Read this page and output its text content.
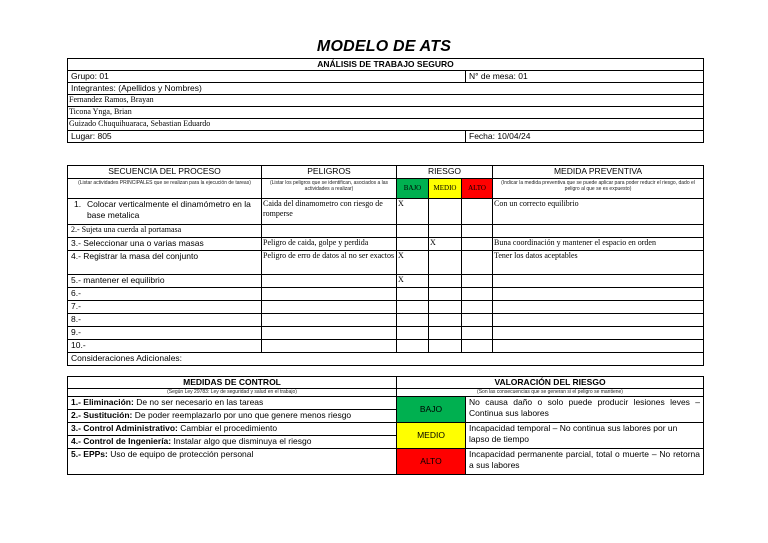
MODELO DE ATS
ANÁLISIS DE TRABAJO SEGURO	
Grupo: 01	N° de mesa: 01
Integrantes: (Apellidos y Nombres)	
Fernandez Ramos, Brayan	
Ticona Ynga, Brian	
Guizado Chuquihuaraca, Sebastian Eduardo	
Lugar: 805	Fecha: 10/04/24
SECUENCIA DEL PROCESO	PELIGROS	RIESGO			MEDIDA PREVENTIVA
(Listar actividades PRINCIPALES que se realizan para la ejecución de tareas)	(Listar los peligros que se identifican, asociados a las actividades a realizar)	BAJO	MEDIO	ALTO	(Indicar la medida preventiva que se puede aplicar para poder reducir el riesgo, dado el peligro al que se es expuesto)

1. Colocar verticalmente el dinamómetro en la base metalica	Caida del dinamometro con riesgo de romperse	X			Con un correcto equilibrio
2.- Sujeta una cuerda al portamasa					
3.- Seleccionar una o varias masas	Peligro de caida, golpe y perdida		X		Buna coordinación y mantener el espacio en orden
4.- Registrar la masa del conjunto	Peligro de erro de datos al no ser exactos	X			Tener los datos aceptables
5.- mantener el equilibrio		X			
6.-					
7.-					
8.-					
9.-					
10.-					
Consideraciones Adicionales:					
MEDIDAS DE CONTROL	VALORACIÓN DEL RIESGO	
(Según Ley 29783: Ley de seguridad y salud en el trabajo)	(Son las consecuencias que se generan si el peligro se mantiene)	
1.- Eliminación: De no ser necesario en las tareas	BAJO	No causa daño o solo puede producir lesiones leves – Continua sus labores
2.- Sustitución: De poder reemplazarlo por uno que genere menos riesgo		
3.- Control Administrativo: Cambiar el procedimiento	MEDIO	Incapacidad temporal – No continua sus labores por un lapso de tiempo
4.- Control de Ingeniería: Instalar algo que disminuya el riesgo		
5.- EPPs: Uso de equipo de protección personal	ALTO	Incapacidad permanente parcial, total o muerte – No retorna a sus labores
